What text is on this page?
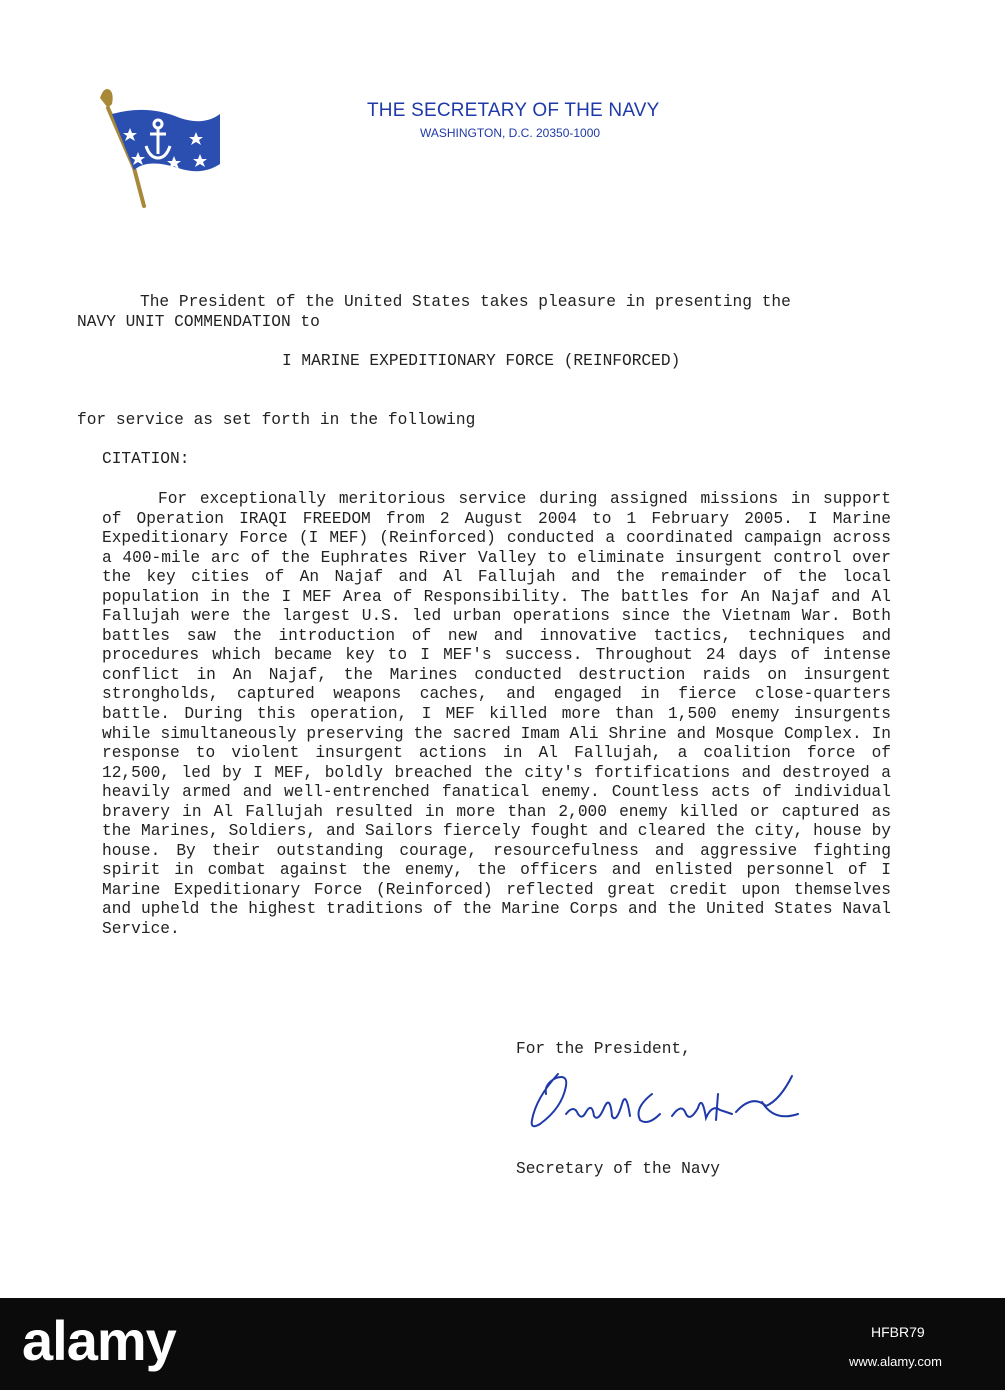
THE SECRETARY OF THE NAVY
WASHINGTON, D.C. 20350-1000
The President of the United States takes pleasure in presenting the
NAVY UNIT COMMENDATION to
I MARINE EXPEDITIONARY FORCE (REINFORCED)
for service as set forth in the following
CITATION:

For exceptionally meritorious service during assigned missions in support of Operation IRAQI FREEDOM from 2 August 2004 to 1 February 2005. I Marine Expeditionary Force (I MEF) (Reinforced) conducted a coordinated campaign across a 400-mile arc of the Euphrates River Valley to eliminate insurgent control over the key cities of An Najaf and Al Fallujah and the remainder of the local population in the I MEF Area of Responsibility. The battles for An Najaf and Al Fallujah were the largest U.S. led urban operations since the Vietnam War. Both battles saw the introduction of new and innovative tactics, techniques and procedures which became key to I MEF's success. Throughout 24 days of intense conflict in An Najaf, the Marines conducted destruction raids on insurgent strongholds, captured weapons caches, and engaged in fierce close-quarters battle. During this operation, I MEF killed more than 1,500 enemy insurgents while simultaneously preserving the sacred Imam Ali Shrine and Mosque Complex. In response to violent insurgent actions in Al Fallujah, a coalition force of 12,500, led by I MEF, boldly breached the city's fortifications and destroyed a heavily armed and well-entrenched fanatical enemy. Countless acts of individual bravery in Al Fallujah resulted in more than 2,000 enemy killed or captured as the Marines, Soldiers, and Sailors fiercely fought and cleared the city, house by house. By their outstanding courage, resourcefulness and aggressive fighting spirit in combat against the enemy, the officers and enlisted personnel of I Marine Expeditionary Force (Reinforced) reflected great credit upon themselves and upheld the highest traditions of the Marine Corps and the United States Naval Service.

For the President,
Secretary of the Navy
alamy	HFBR79
www.alamy.com
